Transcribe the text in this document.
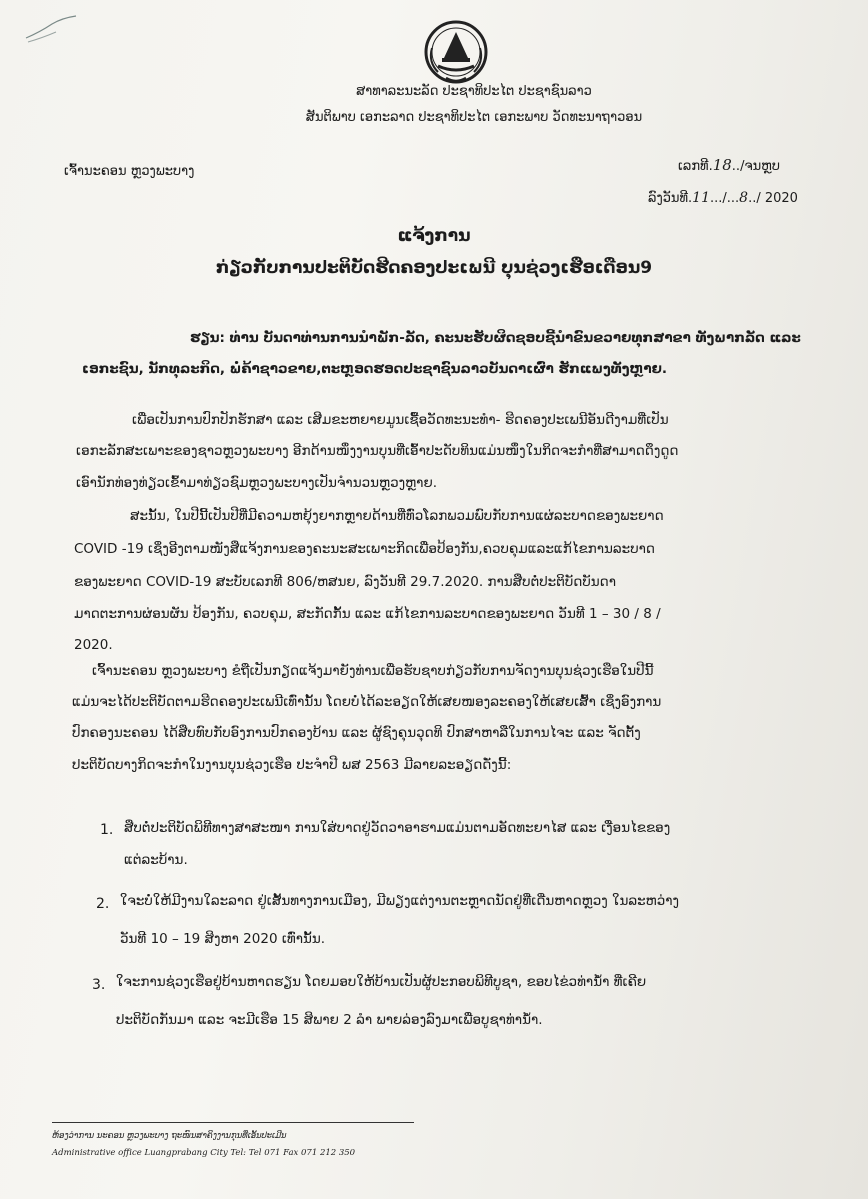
ສາທາລະນະລັດ ປະຊາທິປະໄຕ ປະຊາຊົນລາວ
ສັນຕິພາບ ເອກະລາດ ປະຊາທິປະໄຕ ເອກະພາບ ວັດທະນາຖາວອນ
ເຈົ້ານະຄອນ ຫຼວງພະບາງ	ເລກທີ.18../ຈນຫຼບ
ລົງວັນທີ.11.../...8../ 2020
ແຈ້ງການ
ກ່ຽວກັບການປະຕິບັດຮີດຄອງປະເພນີ ບຸນຊ່ວງເຮືອເດືອນ9
ຮຽນ: ທ່ານ ບັນດາທ່ານການນຳພັກ-ລັດ, ຄະນະຮັບຜິດຊອບຊີ້ນຳຂົນຂວາຍທຸກສາຂາ ທັງພາກລັດ ແລະ
ເອກະຊົນ, ນັກທຸລະກິດ, ພໍ່ຄ້າຊາວຂາຍ,ຕະຫຼອດຮອດປະຊາຊົນລາວບັນດາເຜົ່າ ຮັກແພງທັງຫຼາຍ.
ເພື່ອເປັນການປົກປັກຮັກສາ ແລະ ເສີມຂະຫຍາຍມູນເຊື້ອວັດທະນະທຳ- ຮີດຄອງປະເພນີອັນດີງາມທີ່ເປັນ
ເອກະລັກສະເພາະຂອງຊາວຫຼວງພະບາງ ອີກດ້ານໜຶ່ງງານບຸນທີ່ເອົ້າປະດັບທິນແມ່ນໜຶ່ງໃນກິດຈະກຳທີ່ສາມາດດຶງດູດ
ເອົານັກທ່ອງທ່ຽວເຂົ້າມາທ່ຽວຊົມຫຼວງພະບາງເປັນຈຳນວນຫຼວງຫຼາຍ.
ສະນັ້ນ, ໃນປີນີ້ເປັນປີທີ່ມີຄວາມຫຍຸ້ງຍາກຫຼາຍດ້ານທີ່ທົ່ວໂລກພວມພົບກັບການແຜ່ລະບາດຂອງພະຍາດ
COVID -19 ເຊິ່ງອີງຕາມໜັງສືແຈ້ງການຂອງຄະນະສະເພາະກິດເພື່ອປ້ອງກັນ,ຄວບຄຸມແລະແກ້ໄຂການລະບາດ
ຂອງພະຍາດ COVID-19 ສະບັບເລກທີ 806/ຫສນຍ, ລົງວັນທີ 29.7.2020. ການສືບຕໍ່ປະຕິບັດບັນດາ
ມາດຕະການຜ່ອນຜັນ ປ້ອງກັນ, ຄວບຄຸມ, ສະກັດກັ້ນ ແລະ ແກ້ໄຂການລະບາດຂອງພະຍາດ ວັນທີ 1 – 30 / 8 /
2020.
ເຈົ້ານະຄອນ ຫຼວງພະບາງ ຂໍຖືເປັນກຽດແຈ້ງມາຍັງທ່ານເພື່ອຮັບຊາບກ່ຽວກັບການຈັດງານບຸນຊ່ວງເຮືອໃນປີນີ້
ແມ່ນຈະໄດ້ປະຕິບັດຕາມຮີດຄອງປະເພນີເທົ່ານັ້ນ ໂດຍບໍ່ໄດ້ລະອຽດໃຫ້ເສຍໜອງລະຄອງໃຫ້ເສຍເສົ້າ ເຊິ່ງອົງການ
ປົກຄອງນະຄອນ ໄດ້ສືບທົບກັບອົງການປົກຄອງບ້ານ ແລະ ຜູ້ຊົງຄຸນວຸດທິ ປົກສາຫາລືໃນການໄຈະ ແລະ ຈັດຕັ້ງ
ປະຕິບັດບາງກິດຈະກຳໃນງານບຸນຊ່ວງເຮືອ ປະຈຳປີ ພສ 2563 ມີລາຍລະອຽດດັ່ງນີ້:
1. ສືບຕໍ່ປະຕິບັດພິທີທາງສາສະໜາ ການໃສ່ບາດຢູ່ວັດວາອາຮາມແມ່ນຕາມອັດທະຍາໄສ ແລະ ເງື່ອນໄຂຂອງ
ແຕ່ລະບ້ານ.
2. ໃຈະບໍ່ໃຫ້ມີງານໃລະລາດ ຢູ່ເສັ້ນທາງການເມືອງ, ມີພຽງແຕ່ງານຕະຫຼາດນັດຢູ່ທີ່ເດີ່ນຫາດຫຼວງ ໃນລະຫວ່າງ
ວັນທີ 10 – 19 ສິງຫາ 2020 ເທົ່ານັ້ນ.
3. ໃຈະການຊ່ວງເຮືອຢູ່ບ້ານຫາດຮຽນ ໂດຍມອບໃຫ້ບ້ານເປັນຜູ້ປະກອບພິທີບູຊາ, ຂອບໄຂ່ວທ່ານ້ຳ ທີ່ເຄີຍ
ປະຕິບັດກັນມາ ແລະ ຈະມີເຮືອ 15 ສິພາຍ 2 ລຳ ພາຍລ່ອງລົງມາເພື່ອບູຊາທ່ານ້ຳ.
ຫ້ອງວ່າການ ນະຄອນ ຫຼວງພະບາງ ຖະໜົນສາຄິງງານກຸນທີ່ເອັ້ນປະເມີນ
Administrative office Luangprabang City Tel: Tel 071 Fax 071 212 350
